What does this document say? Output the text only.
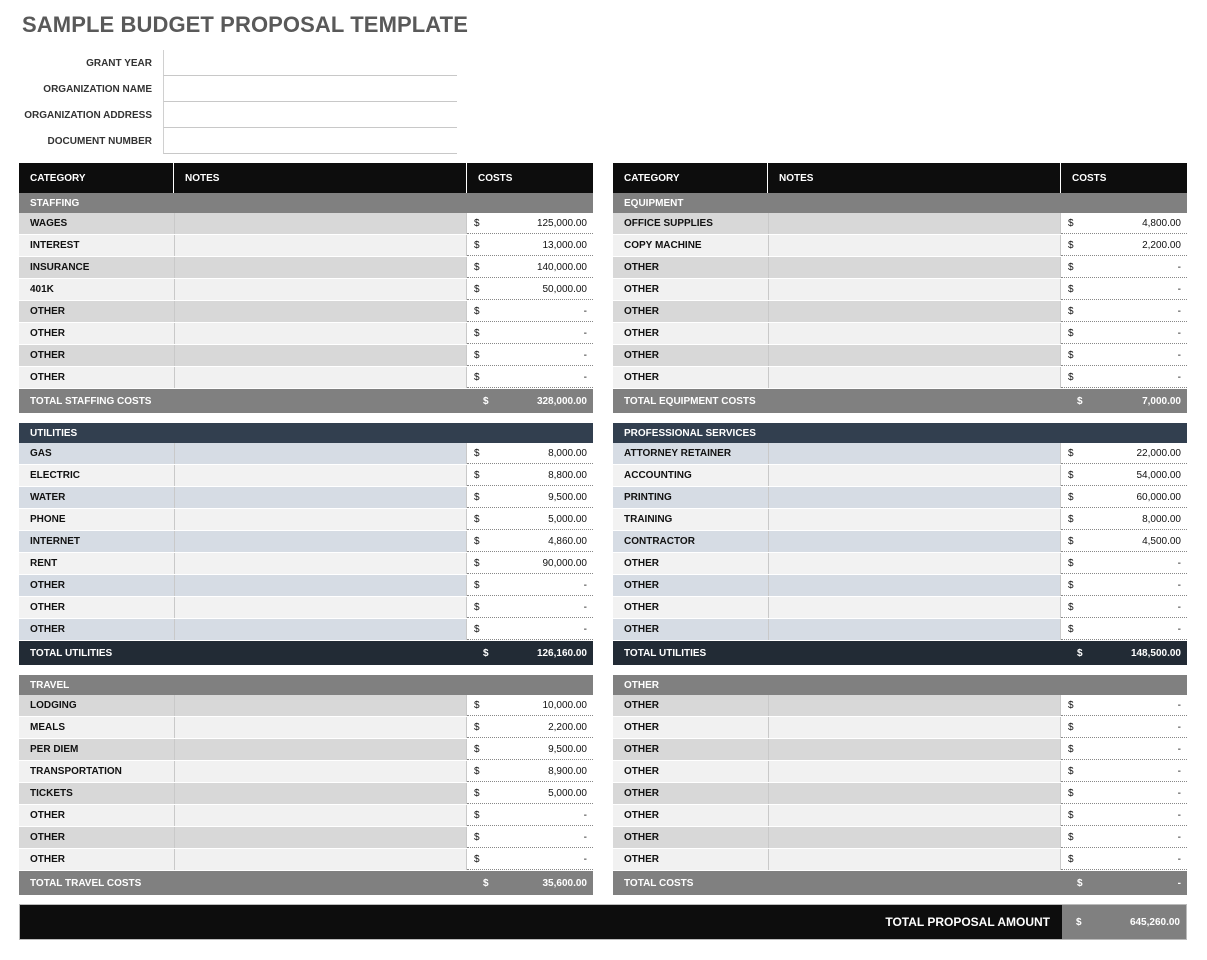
SAMPLE BUDGET PROPOSAL TEMPLATE
GRANT YEAR
ORGANIZATION NAME
ORGANIZATION ADDRESS
DOCUMENT NUMBER
CATEGORY	NOTES	COSTS
STAFFING
WAGES	$	125,000.00
INTEREST	$	13,000.00
INSURANCE	$	140,000.00
401K	$	50,000.00
OTHER	$	-
OTHER	$	-
OTHER	$	-
OTHER	$	-
TOTAL STAFFING COSTS	$	328,000.00
UTILITIES
GAS	$	8,000.00
ELECTRIC	$	8,800.00
WATER	$	9,500.00
PHONE	$	5,000.00
INTERNET	$	4,860.00
RENT	$	90,000.00
OTHER	$	-
OTHER	$	-
OTHER	$	-
TOTAL UTILITIES	$	126,160.00
TRAVEL
LODGING	$	10,000.00
MEALS	$	2,200.00
PER DIEM	$	9,500.00
TRANSPORTATION	$	8,900.00
TICKETS	$	5,000.00
OTHER	$	-
OTHER	$	-
OTHER	$	-
TOTAL TRAVEL COSTS	$	35,600.00
CATEGORY	NOTES	COSTS
EQUIPMENT
OFFICE SUPPLIES	$	4,800.00
COPY MACHINE	$	2,200.00
OTHER	$	-
OTHER	$	-
OTHER	$	-
OTHER	$	-
OTHER	$	-
OTHER	$	-
TOTAL EQUIPMENT COSTS	$	7,000.00
PROFESSIONAL SERVICES
ATTORNEY RETAINER	$	22,000.00
ACCOUNTING	$	54,000.00
PRINTING	$	60,000.00
TRAINING	$	8,000.00
CONTRACTOR	$	4,500.00
OTHER	$	-
OTHER	$	-
OTHER	$	-
OTHER	$	-
TOTAL UTILITIES	$	148,500.00
OTHER
OTHER	$	-
OTHER	$	-
OTHER	$	-
OTHER	$	-
OTHER	$	-
OTHER	$	-
OTHER	$	-
OTHER	$	-
TOTAL COSTS	$	-
TOTAL PROPOSAL AMOUNT	$	645,260.00
